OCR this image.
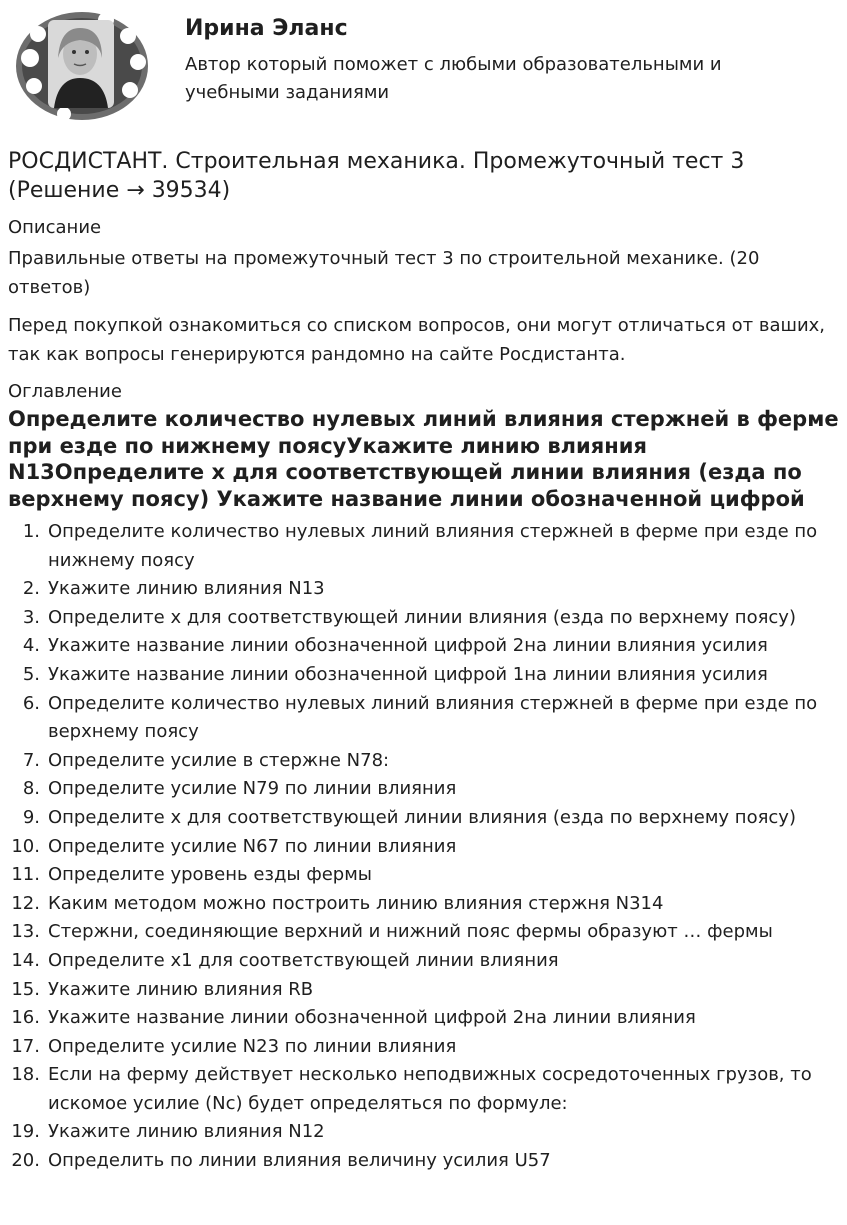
Ирина Эланс
Автор который поможет с любыми образовательными и учебными заданиями
РОСДИСТАНТ. Строительная механика. Промежуточный тест 3 (Решение → 39534)
Описание

Правильные ответы на промежуточный тест 3 по строительной механике. (20 ответов)

Перед покупкой ознакомиться со списком вопросов, они могут отличаться от ваших, так как вопросы генерируются рандомно на сайте Росдистанта.

Оглавление
Определите количество нулевых линий влияния стержней в ферме при езде по нижнему поясуУкажите линию влияния N13Определите x для соответствующей линии влияния (езда по верхнему поясу) Укажите название линии обозначенной цифрой
1. Определите количество нулевых линий влияния стержней в ферме при езде по нижнему поясу
2. Укажите линию влияния N13
3. Определите x для соответствующей линии влияния (езда по верхнему поясу)
4. Укажите название линии обозначенной цифрой 2на линии влияния усилия
5. Укажите название линии обозначенной цифрой 1на линии влияния усилия
6. Определите количество нулевых линий влияния стержней в ферме при езде по верхнему поясу
7. Определите усилие в стержне N78:
8. Определите усилие N79 по линии влияния
9. Определите x для соответствующей линии влияния (езда по верхнему поясу)
10. Определите усилие N67 по линии влияния
11. Определите уровень езды фермы
12. Каким методом можно построить линию влияния стержня N314
13. Стержни, соединяющие верхний и нижний пояс фермы образуют … фермы
14. Определите x1 для соответствующей линии влияния
15. Укажите линию влияния RB
16. Укажите название линии обозначенной цифрой 2на линии влияния
17. Определите усилие N23 по линии влияния
18. Если на ферму действует несколько неподвижных сосредоточенных грузов, то искомое усилие (Nc) будет определяться по формуле:
19. Укажите линию влияния N12
20. Определить по линии влияния величину усилия U57
